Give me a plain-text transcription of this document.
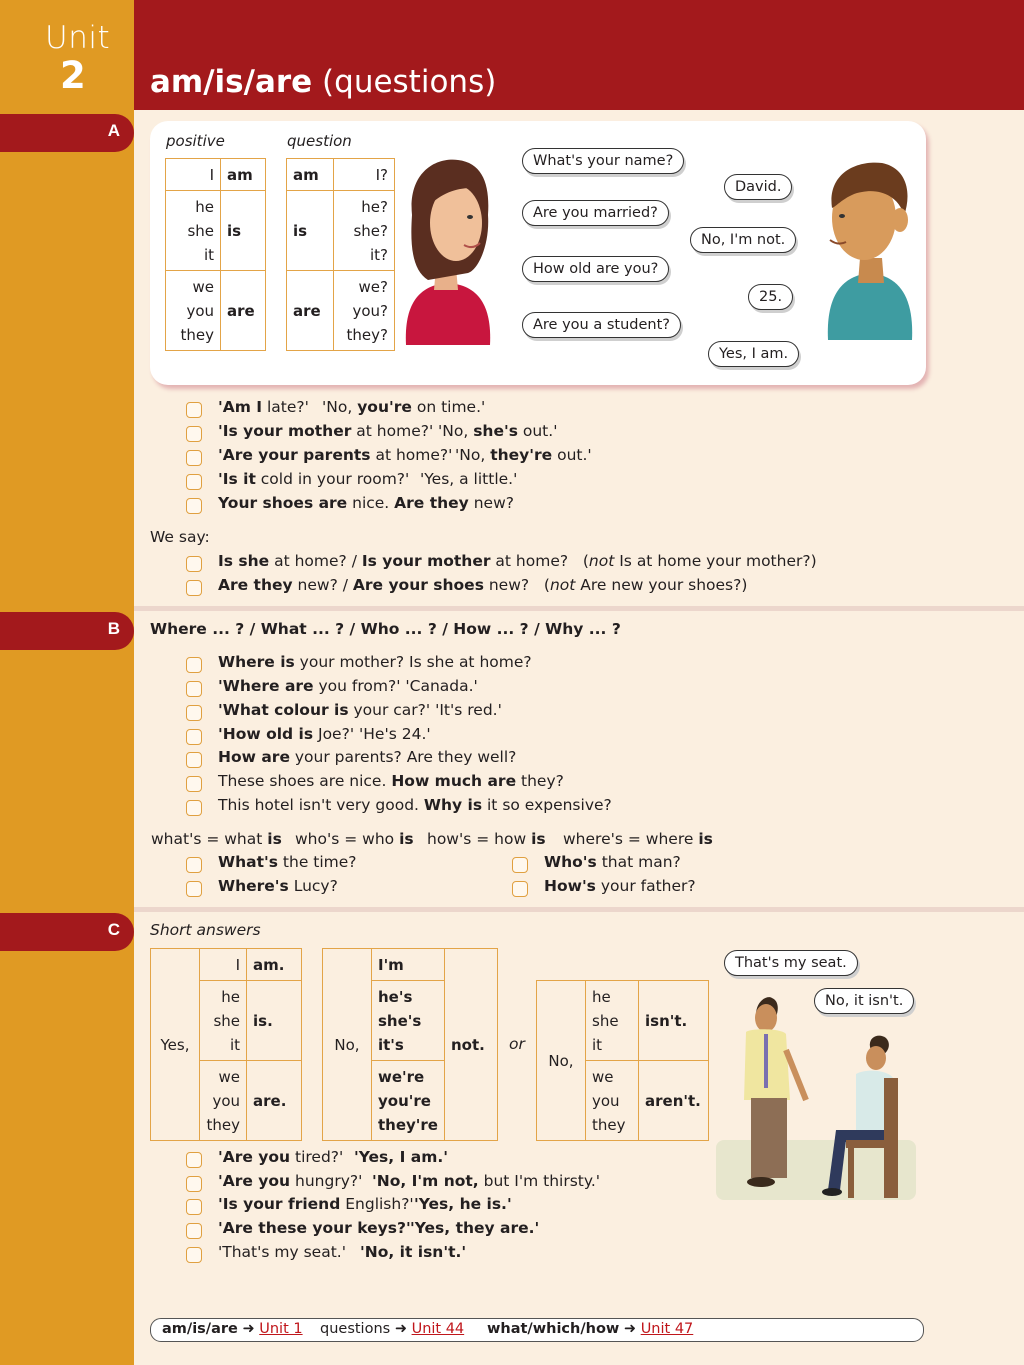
Unit
2 am/is/are (questions)
A
B
C
positive	question
I	am
he
she
it	is
we
you
they	are
am	I?
is	he?
she?
it?
are	we?
you?
they?
What's your name?
Are you married?
How old are you?
Are you a student?
David.
No, I'm not.
25.
Yes, I am.
'Am I late?' 'No, you're on time.'
'Is your mother at home?' 'No, she's out.'
'Are your parents at home?' 'No, they're out.'
'Is it cold in your room?' 'Yes, a little.'
Your shoes are nice. Are they new?
We say:
Is she at home? / Is your mother at home?   (not Is at home your mother?)
Are they new? / Are your shoes new?   (not Are new your shoes?)
Where ... ? / What ... ? / Who ... ? / How ... ? / Why ... ?
Where is your mother? Is she at home?
'Where are you from?' 'Canada.'
'What colour is your car?' 'It's red.'
'How old is Joe?' 'He's 24.'
How are your parents? Are they well?
These shoes are nice. How much are they?
This hotel isn't very good. Why is it so expensive?
what's = what is who's = who is how's = how is where's = where is
What's the time?
Where's Lucy?
Who's that man?
How's your father?
Short answers
Yes,	I	am.
	he
she
it	is.
	we
you
they	are.
No,	I'm	not.
he's
she's
it's
we're
you're
they're
or
No,	he
she
it	isn't.
	we
you
they	aren't.
That's my seat.
No, it isn't.
'Are you tired?' 'Yes, I am.'
'Are you hungry?' 'No, I'm not, but I'm thirsty.'
'Is your friend English?' 'Yes, he is.'
'Are these your keys?' 'Yes, they are.'
'That's my seat.' 'No, it isn't.'
am/is/are ➜ Unit 1 questions ➜ Unit 44 what/which/how ➜ Unit 47
